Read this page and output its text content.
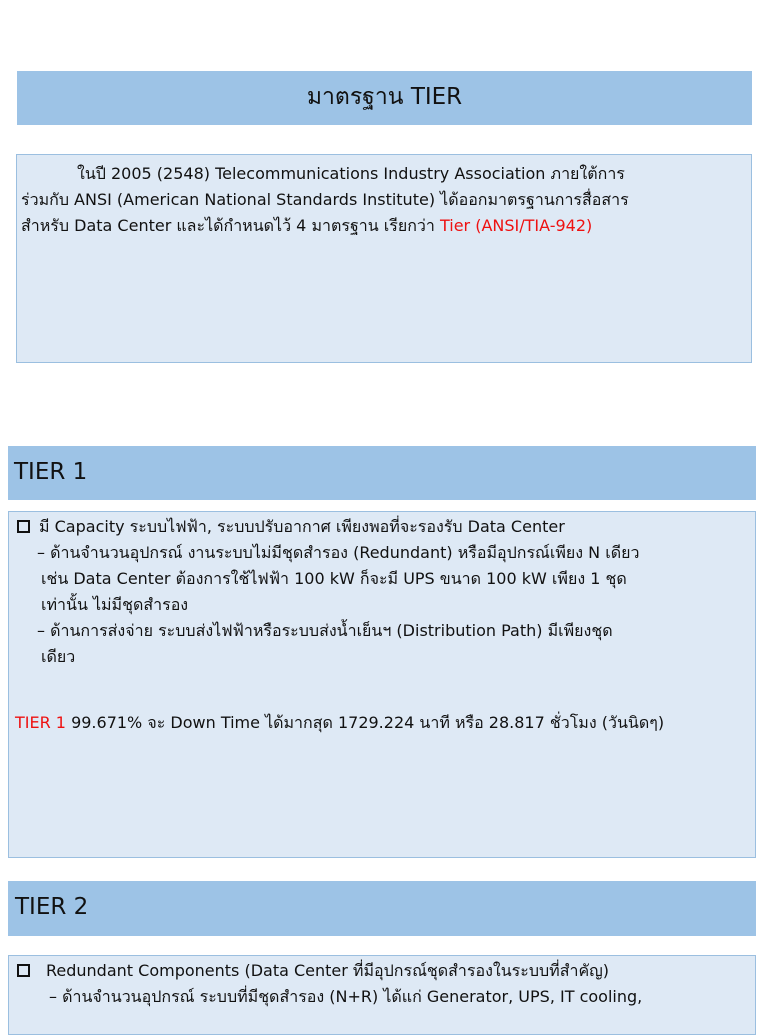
มาตรฐาน TIER
ในปี 2005 (2548) Telecommunications Industry Association ภายใต้การ
ร่วมกับ ANSI (American National Standards Institute) ได้ออกมาตรฐานการสื่อสาร
สำหรับ Data Center และได้กำหนดไว้ 4 มาตรฐาน เรียกว่า Tier (ANSI/TIA-942)
TIER 1
มี Capacity ระบบไฟฟ้า, ระบบปรับอากาศ เพียงพอที่จะรองรับ Data Center
– ด้านจำนวนอุปกรณ์ งานระบบไม่มีชุดสำรอง (Redundant) หรือมีอุปกรณ์เพียง N เดียว
เช่น Data Center ต้องการใช้ไฟฟ้า 100 kW ก็จะมี UPS ขนาด 100 kW เพียง 1 ชุด
เท่านั้น ไม่มีชุดสำรอง
– ด้านการส่งจ่าย ระบบส่งไฟฟ้าหรือระบบส่งน้ำเย็นฯ (Distribution Path) มีเพียงชุด
เดียว
TIER 1 99.671% จะ Down Time ได้มากสุด 1729.224 นาที หรือ 28.817 ชั่วโมง (วันนิดๆ)
TIER 2
Redundant Components (Data Center ที่มีอุปกรณ์ชุดสำรองในระบบที่สำคัญ)
– ด้านจำนวนอุปกรณ์ ระบบที่มีชุดสำรอง (N+R) ได้แก่ Generator, UPS, IT cooling,
